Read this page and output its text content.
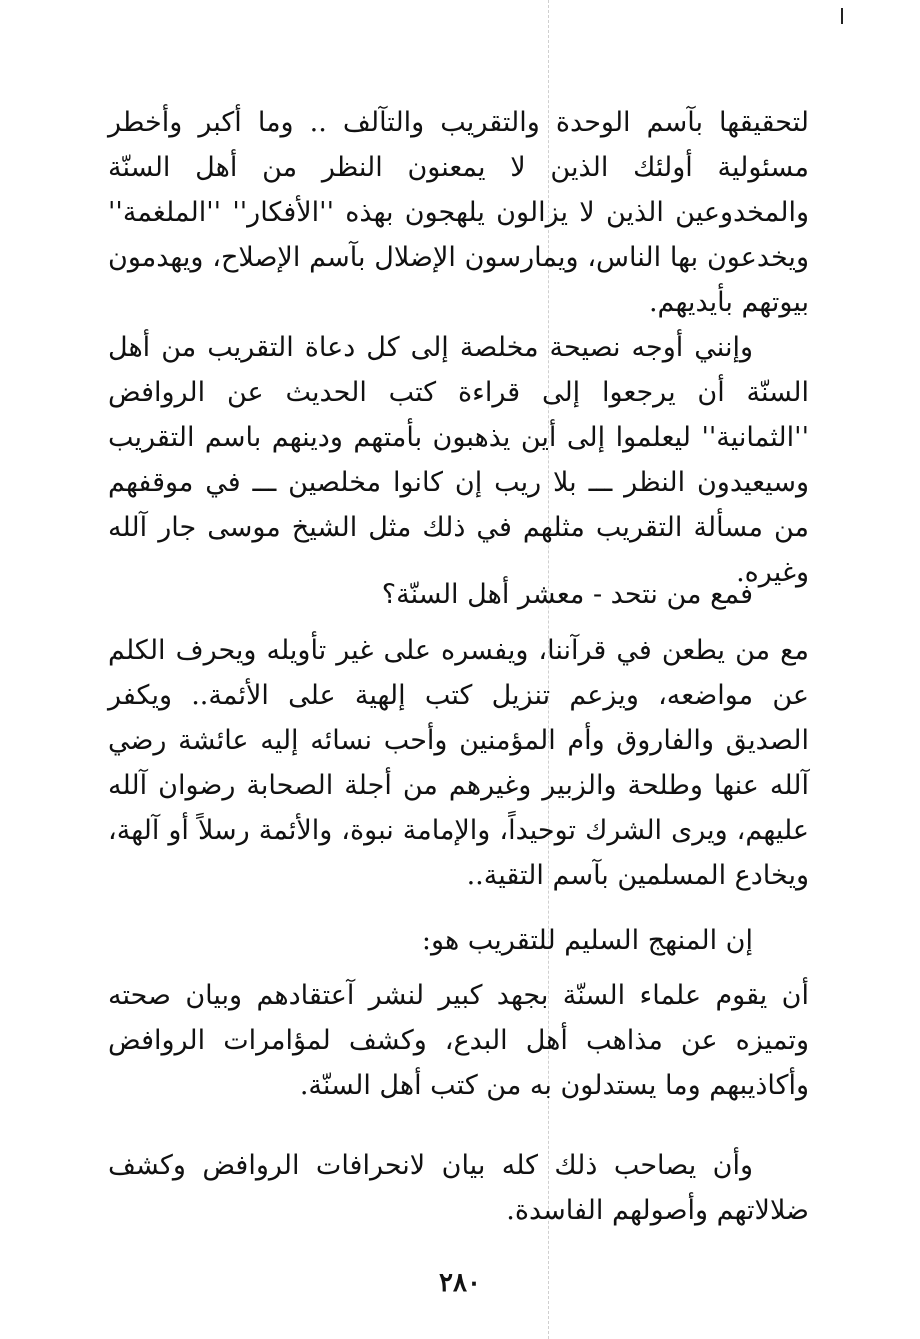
لتحقيقها بآسم الوحدة والتقريب والتآلف .. وما أكبر وأخطر مسئولية أولئك الذين لا يمعنون النظر من أهل السنّة والمخدوعين الذين لا يزالون يلهجون بهذه ''الأفكار'' ''الملغمة'' ويخدعون بها الناس، ويمارسون الإضلال بآسم الإصلاح، ويهدمون بيوتهم بأيديهم.

وإنني أوجه نصيحة مخلصة إلى كل دعاة التقريب من أهل السنّة أن يرجعوا إلى قراءة كتب الحديث عن الروافض ''الثمانية'' ليعلموا إلى أين يذهبون بأمتهم ودينهم باسم التقريب وسيعيدون النظر ـــ بلا ريب إن كانوا مخلصين ـــ في موقفهم من مسألة التقريب مثلهم في ذلك مثل الشيخ موسى جار آلله وغيره.

فمع من نتحد - معشر أهل السنّة؟

مع من يطعن في قرآننا، ويفسره على غير تأويله ويحرف الكلم عن مواضعه، ويزعم تنزيل كتب إلهية على الأئمة.. ويكفر الصديق والفاروق وأم المؤمنين وأحب نسائه إليه عائشة رضي آلله عنها وطلحة والزبير وغيرهم من أجلة الصحابة رضوان آلله عليهم، ويرى الشرك توحيداً، والإمامة نبوة، والأئمة رسلاً أو آلهة، ويخادع المسلمين بآسم التقية..

إن المنهج السليم للتقريب هو:

أن يقوم علماء السنّة بجهد كبير لنشر آعتقادهم وبيان صحته وتميزه عن مذاهب أهل البدع، وكشف لمؤامرات الروافض وأكاذيبهم وما يستدلون به من كتب أهل السنّة.

وأن يصاحب ذلك كله بيان لانحرافات الروافض وكشف ضلالاتهم وأصولهم الفاسدة.

٢٨٠
